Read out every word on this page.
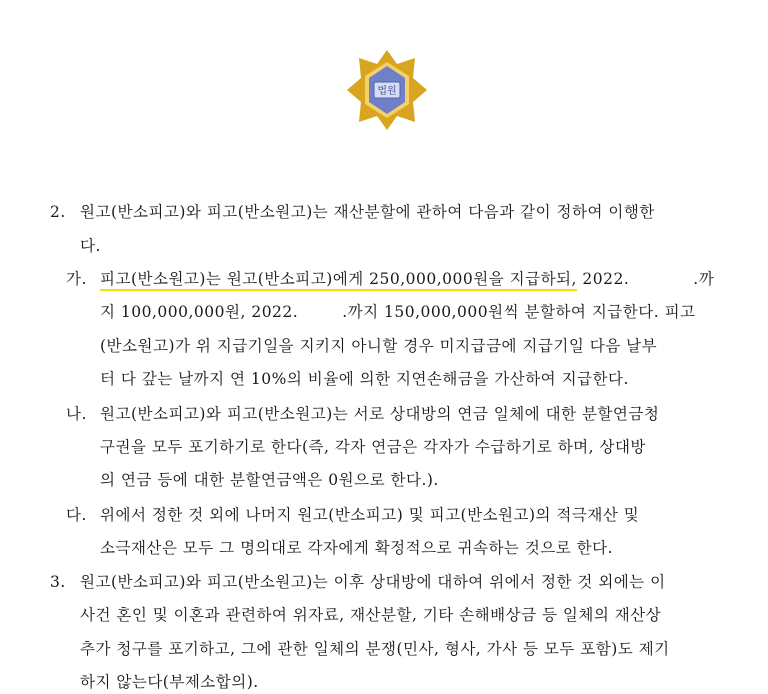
법원
2. 원고(반소피고)와 피고(반소원고)는 재산분할에 관하여 다음과 같이 정하여 이행한
다.
가. 피고(반소원고)는 원고(반소피고)에게 250,000,000원을 지급하되, 2022.	.까
지 100,000,000원, 2022.	.까지 150,000,000원씩 분할하여 지급한다. 피고
(반소원고)가 위 지급기일을 지키지 아니할 경우 미지급금에 지급기일 다음 날부
터 다 갚는 날까지 연 10%의 비율에 의한 지연손해금을 가산하여 지급한다.
나. 원고(반소피고)와 피고(반소원고)는 서로 상대방의 연금 일체에 대한 분할연금청
구권을 모두 포기하기로 한다(즉, 각자 연금은 각자가 수급하기로 하며, 상대방
의 연금 등에 대한 분할연금액은 0원으로 한다.).
다. 위에서 정한 것 외에 나머지 원고(반소피고) 및 피고(반소원고)의 적극재산 및
소극재산은 모두 그 명의대로 각자에게 확정적으로 귀속하는 것으로 한다.
3. 원고(반소피고)와 피고(반소원고)는 이후 상대방에 대하여 위에서 정한 것 외에는 이
사건 혼인 및 이혼과 관련하여 위자료, 재산분할, 기타 손해배상금 등 일체의 재산상
추가 청구를 포기하고, 그에 관한 일체의 분쟁(민사, 형사, 가사 등 모두 포함)도 제기
하지 않는다(부제소합의).
